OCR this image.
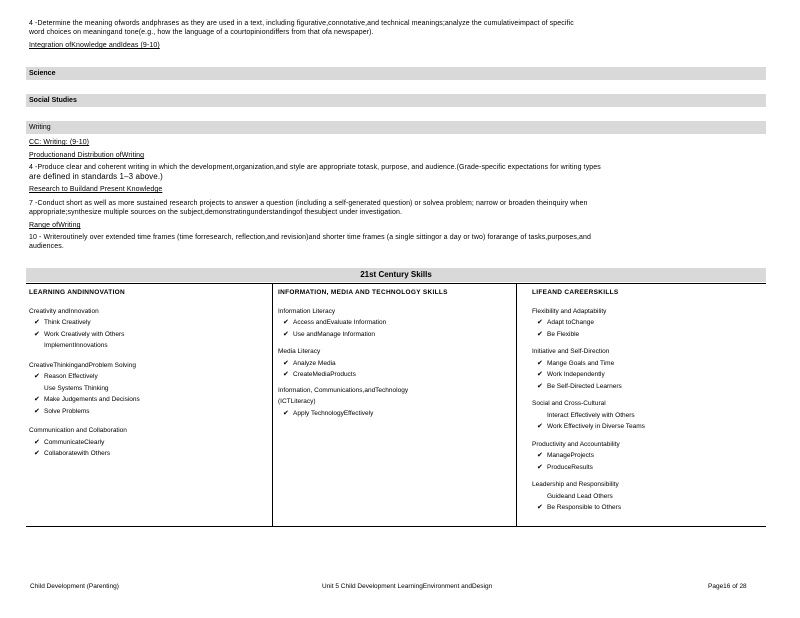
4 -Determine the meaning ofwords andphrases as they are used in a text, including figurative,connotative,and technical meanings;analyze the cumulativeimpact of specific
word choices on meaningand tone(e.g., how the language of a courtopiniondiffers from that ofa newspaper).
Integration ofKnowledge andIdeas (9-10)
Science
Social Studies
Writing
CC: Writing: (9-10)
Productionand Distribution ofWriting
4 -Produce clear and coherent writing in which the development,organization,and style are appropriate totask, purpose, and audience.(Grade-specific expectations for writing types
are defined in standards 1–3 above.)
Research to Buildand Present Knowledge
7 -Conduct short as well as more sustained research projects to answer a question (including a self-generated question) or solvea problem; narrow or broaden theinquiry when
appropriate;synthesize multiple sources on the subject,demonstratingunderstandingof thesubject under investigation.
Range ofWriting
10 - Writeroutinely over extended time frames (time forresearch, reflection,and revision)and shorter time frames (a single sittingor a day or two) forarange of tasks,purposes,and
audiences.
21st Century Skills
LEARNING ANDINNOVATION
Creativity andInnovation
✔ Think Creatively
✔ Work Creatively with Others
ImplementInnovations
CreativeThinkingandProblem Solving
✔ Reason Effectively
Use Systems Thinking
✔ Make Judgements and Decisions
✔ Solve Problems
Communication and Collaboration
✔ CommunicateClearly
✔ Collaboratewith Others
INFORMATION, MEDIA AND TECHNOLOGY SKILLS
Information Literacy
✔ Access andEvaluate Information
✔ Use andManage Information
Media Literacy
✔ Analyze Media
✔ CreateMediaProducts
Information, Communications,andTechnology
(ICTLiteracy)
✔ Apply TechnologyEffectively
LIFEAND CAREERSKILLS
Flexibility and Adaptability
✔ Adapt toChange
✔ Be Flexible
Initiative and Self-Direction
✔ Mange Goals and Time
✔ Work Independently
✔ Be Self-Directed Learners
Social and Cross-Cultural
Interact Effectively with Others
✔ Work Effectively in Diverse Teams
Productivity and Accountability
✔ ManageProjects
✔ ProduceResults
Leadership and Responsibility
Guideand Lead Others
✔ Be Responsible to Others
Child Development (Parenting)	Unit 5 Child Development LearningEnvironment andDesign	Page16 of 28
